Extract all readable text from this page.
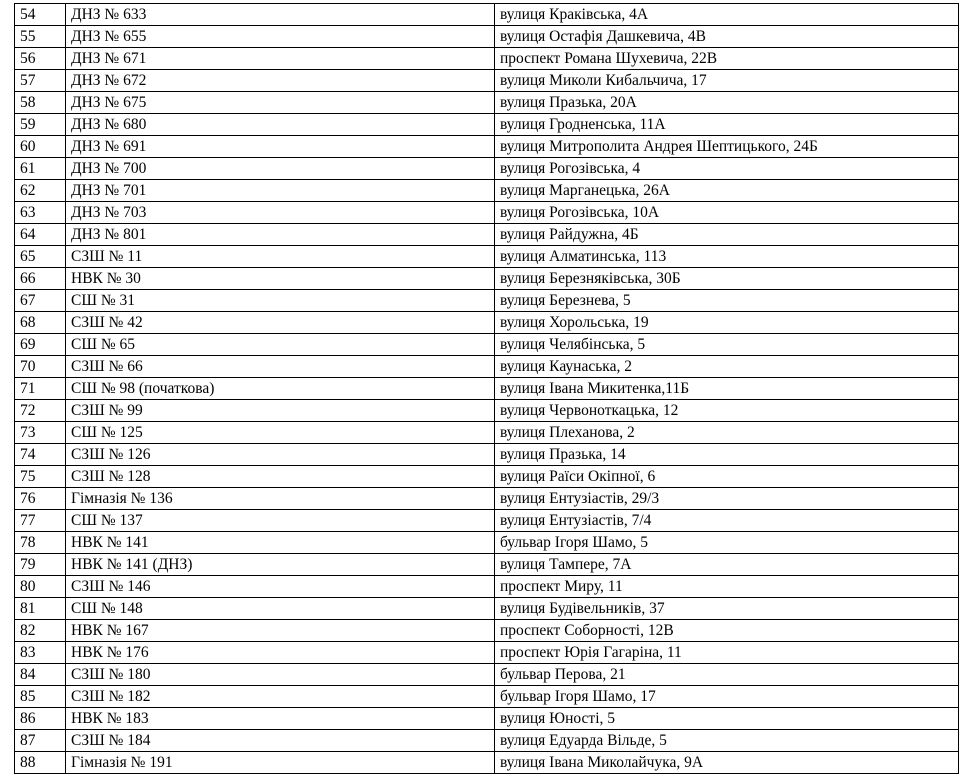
54	ДНЗ № 633	вулиця Краківська, 4А
55	ДНЗ № 655	вулиця Остафія Дашкевича, 4В
56	ДНЗ № 671	проспект Романа Шухевича, 22В
57	ДНЗ № 672	вулиця Миколи Кибальчича, 17
58	ДНЗ № 675	вулиця Празька, 20А
59	ДНЗ № 680	вулиця Гродненська, 11А
60	ДНЗ № 691	вулиця Митрополита Андрея Шептицького, 24Б
61	ДНЗ № 700	вулиця Рогозівська, 4
62	ДНЗ № 701	вулиця Марганецька, 26А
63	ДНЗ № 703	вулиця Рогозівська, 10А
64	ДНЗ № 801	вулиця Райдужна, 4Б
65	СЗШ № 11	вулиця Алматинська, 113
66	НВК № 30	вулиця Березняківська, 30Б
67	СШ № 31	вулиця Березнева, 5
68	СЗШ № 42	вулиця Хорольська, 19
69	СШ № 65	вулиця Челябінська, 5
70	СЗШ № 66	вулиця Каунаська, 2
71	СШ № 98 (початкова)	вулиця Івана Микитенка,11Б
72	СЗШ № 99	вулиця Червоноткацька, 12
73	СШ № 125	вулиця Плеханова, 2
74	СЗШ № 126	вулиця Празька, 14
75	СЗШ № 128	вулиця Раїси Окіпної, 6
76	Гімназія № 136	вулиця Ентузіастів, 29/3
77	СШ № 137	вулиця Ентузіастів, 7/4
78	НВК № 141	бульвар Ігоря Шамо, 5
79	НВК № 141 (ДНЗ)	вулиця Тампере, 7А
80	СЗШ № 146	проспект Миру, 11
81	СШ № 148	вулиця Будівельників, 37
82	НВК № 167	проспект Соборності, 12В
83	НВК № 176	проспект Юрія Гагаріна, 11
84	СЗШ № 180	бульвар Перова, 21
85	СЗШ № 182	бульвар Ігоря Шамо, 17
86	НВК № 183	вулиця Юності, 5
87	СЗШ № 184	вулиця Едуарда Вільде, 5
88	Гімназія № 191	вулиця Івана Миколайчука, 9А
